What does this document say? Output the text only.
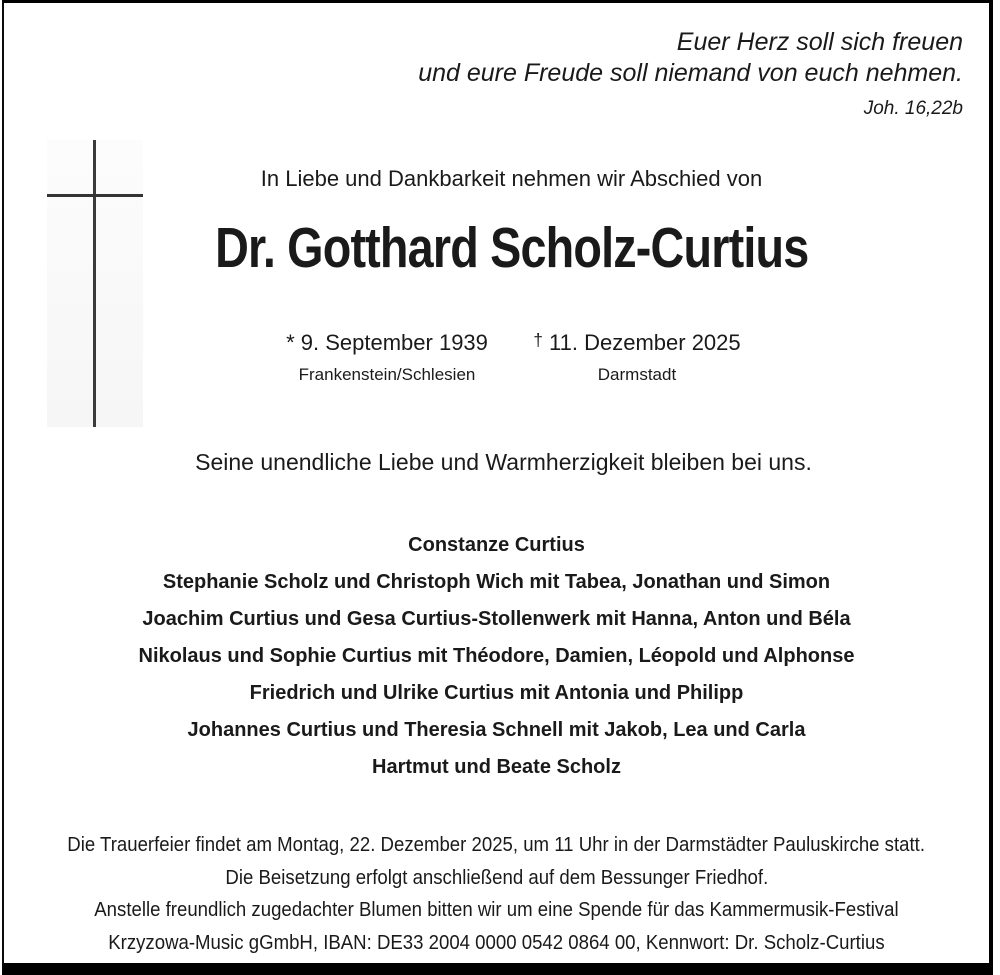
Euer Herz soll sich freuen
und eure Freude soll niemand von euch nehmen.
Joh. 16,22b
In Liebe und Dankbarkeit nehmen wir Abschied von
Dr. Gotthard Scholz-Curtius
* 9. September 1939
Frankenstein/Schlesien
† 11. Dezember 2025
Darmstadt
Seine unendliche Liebe und Warmherzigkeit bleiben bei uns.
Constanze Curtius
Stephanie Scholz und Christoph Wich mit Tabea, Jonathan und Simon
Joachim Curtius und Gesa Curtius-Stollenwerk mit Hanna, Anton und Béla
Nikolaus und Sophie Curtius mit Théodore, Damien, Léopold und Alphonse
Friedrich und Ulrike Curtius mit Antonia und Philipp
Johannes Curtius und Theresia Schnell mit Jakob, Lea und Carla
Hartmut und Beate Scholz
Die Trauerfeier findet am Montag, 22. Dezember 2025, um 11 Uhr in der Darmstädter Pauluskirche statt.
Die Beisetzung erfolgt anschließend auf dem Bessunger Friedhof.
Anstelle freundlich zugedachter Blumen bitten wir um eine Spende für das Kammermusik-Festival
Krzyzowa-Music gGmbH, IBAN: DE33 2004 0000 0542 0864 00, Kennwort: Dr. Scholz-Curtius
